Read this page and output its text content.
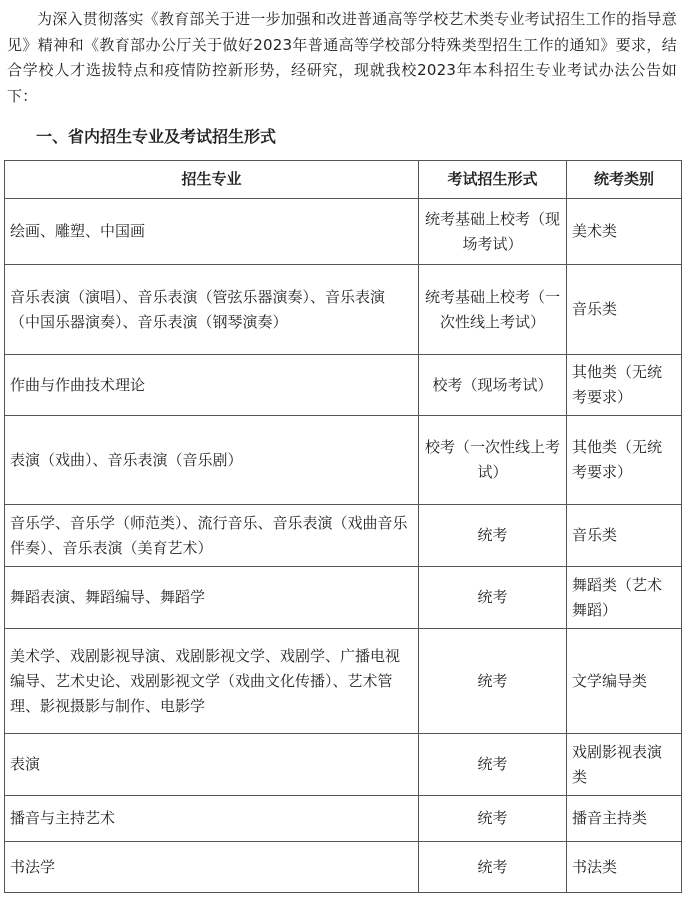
为深入贯彻落实《教育部关于进一步加强和改进普通高等学校艺术类专业考试招生工作的指导意见》精神和《教育部办公厅关于做好2023年普通高等学校部分特殊类型招生工作的通知》要求，结合学校人才选拔特点和疫情防控新形势，经研究，现就我校2023年本科招生专业考试办法公告如下：

一、省内招生专业及考试招生形式
招生专业	考试招生形式	统考类别
绘画、雕塑、中国画	统考基础上校考（现场考试）	美术类
音乐表演（演唱）、音乐表演（管弦乐器演奏）、音乐表演（中国乐器演奏）、音乐表演（钢琴演奏）	统考基础上校考（一次性线上考试）	音乐类
作曲与作曲技术理论	校考（现场考试）	其他类（无统考要求）
表演（戏曲）、音乐表演（音乐剧）	校考（一次性线上考试）	其他类（无统考要求）
音乐学、音乐学（师范类）、流行音乐、音乐表演（戏曲音乐伴奏）、音乐表演（美育艺术）	统考	音乐类
舞蹈表演、舞蹈编导、舞蹈学	统考	舞蹈类（艺术舞蹈）
美术学、戏剧影视导演、戏剧影视文学、戏剧学、广播电视编导、艺术史论、戏剧影视文学（戏曲文化传播）、艺术管理、影视摄影与制作、电影学	统考	文学编导类
表演	统考	戏剧影视表演类
播音与主持艺术	统考	播音主持类
书法学	统考	书法类
